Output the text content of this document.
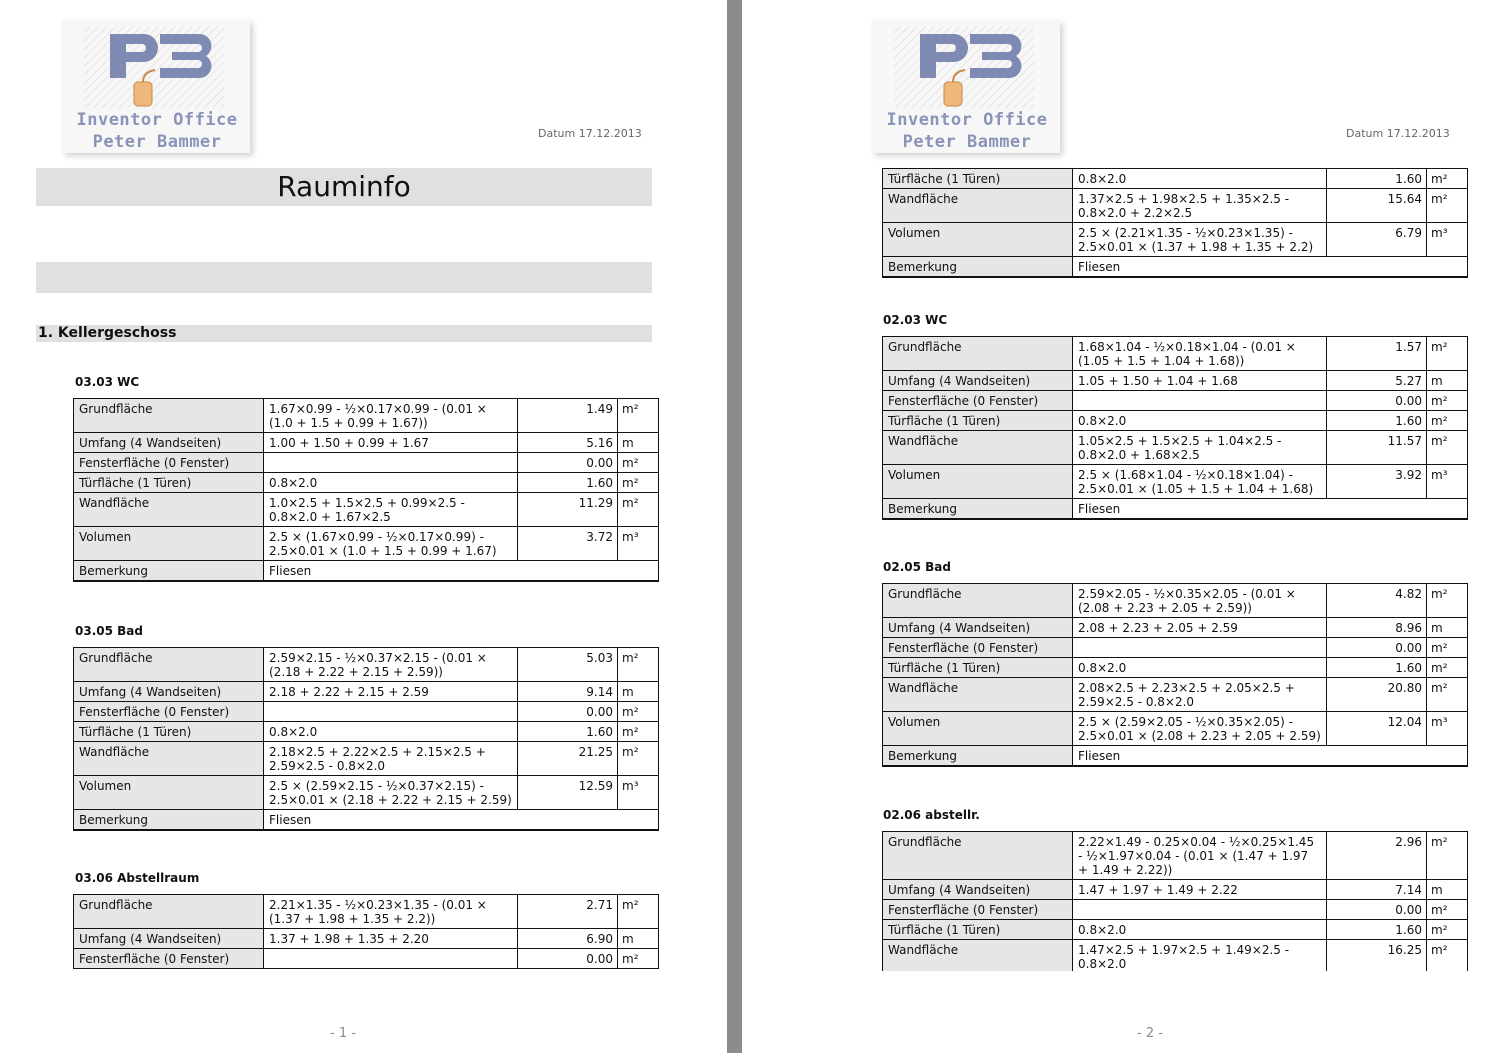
Inventor Office
Peter Bammer	Datum 17.12.2013
Rauminfo
1. Kellergeschoss
03.03 WC
Grundfläche	1.67×0.99 - ½×0.17×0.99 - (0.01 × (1.0 + 1.5 + 0.99 + 1.67))	1.49	m²
Umfang (4 Wandseiten)	1.00 + 1.50 + 0.99 + 1.67	5.16	m
Fensterfläche (0 Fenster)		0.00	m²
Türfläche (1 Türen)	0.8×2.0	1.60	m²
Wandfläche	1.0×2.5 + 1.5×2.5 + 0.99×2.5 - 0.8×2.0 + 1.67×2.5	11.29	m²
Volumen	2.5 × (1.67×0.99 - ½×0.17×0.99) - 2.5×0.01 × (1.0 + 1.5 + 0.99 + 1.67)	3.72	m³
Bemerkung	Fliesen		
03.05 Bad
Grundfläche	2.59×2.15 - ½×0.37×2.15 - (0.01 × (2.18 + 2.22 + 2.15 + 2.59))	5.03	m²
Umfang (4 Wandseiten)	2.18 + 2.22 + 2.15 + 2.59	9.14	m
Fensterfläche (0 Fenster)		0.00	m²
Türfläche (1 Türen)	0.8×2.0	1.60	m²
Wandfläche	2.18×2.5 + 2.22×2.5 + 2.15×2.5 + 2.59×2.5 - 0.8×2.0	21.25	m²
Volumen	2.5 × (2.59×2.15 - ½×0.37×2.15) - 2.5×0.01 × (2.18 + 2.22 + 2.15 + 2.59)	12.59	m³
Bemerkung	Fliesen		
03.06 Abstellraum
Grundfläche	2.21×1.35 - ½×0.23×1.35 - (0.01 × (1.37 + 1.98 + 1.35 + 2.2))	2.71	m²
Umfang (4 Wandseiten)	1.37 + 1.98 + 1.35 + 2.20	6.90	m
Fensterfläche (0 Fenster)		0.00	m²
- 1 -
Inventor Office
Peter Bammer	Datum 17.12.2013
Türfläche (1 Türen)	0.8×2.0	1.60	m²
Wandfläche	1.37×2.5 + 1.98×2.5 + 1.35×2.5 - 0.8×2.0 + 2.2×2.5	15.64	m²
Volumen	2.5 × (2.21×1.35 - ½×0.23×1.35) - 2.5×0.01 × (1.37 + 1.98 + 1.35 + 2.2)	6.79	m³
Bemerkung	Fliesen		
02.03 WC
Grundfläche	1.68×1.04 - ½×0.18×1.04 - (0.01 × (1.05 + 1.5 + 1.04 + 1.68))	1.57	m²
Umfang (4 Wandseiten)	1.05 + 1.50 + 1.04 + 1.68	5.27	m
Fensterfläche (0 Fenster)		0.00	m²
Türfläche (1 Türen)	0.8×2.0	1.60	m²
Wandfläche	1.05×2.5 + 1.5×2.5 + 1.04×2.5 - 0.8×2.0 + 1.68×2.5	11.57	m²
Volumen	2.5 × (1.68×1.04 - ½×0.18×1.04) - 2.5×0.01 × (1.05 + 1.5 + 1.04 + 1.68)	3.92	m³
Bemerkung	Fliesen		
02.05 Bad
Grundfläche	2.59×2.05 - ½×0.35×2.05 - (0.01 × (2.08 + 2.23 + 2.05 + 2.59))	4.82	m²
Umfang (4 Wandseiten)	2.08 + 2.23 + 2.05 + 2.59	8.96	m
Fensterfläche (0 Fenster)		0.00	m²
Türfläche (1 Türen)	0.8×2.0	1.60	m²
Wandfläche	2.08×2.5 + 2.23×2.5 + 2.05×2.5 + 2.59×2.5 - 0.8×2.0	20.80	m²
Volumen	2.5 × (2.59×2.05 - ½×0.35×2.05) - 2.5×0.01 × (2.08 + 2.23 + 2.05 + 2.59)	12.04	m³
Bemerkung	Fliesen		
02.06 abstellr.
Grundfläche	2.22×1.49 - 0.25×0.04 - ½×0.25×1.45 - ½×1.97×0.04 - (0.01 × (1.47 + 1.97 + 1.49 + 2.22))	2.96	m²
Umfang (4 Wandseiten)	1.47 + 1.97 + 1.49 + 2.22	7.14	m
Fensterfläche (0 Fenster)		0.00	m²
Türfläche (1 Türen)	0.8×2.0	1.60	m²
Wandfläche	1.47×2.5 + 1.97×2.5 + 1.49×2.5 - 0.8×2.0	16.25	m²
- 2 -
